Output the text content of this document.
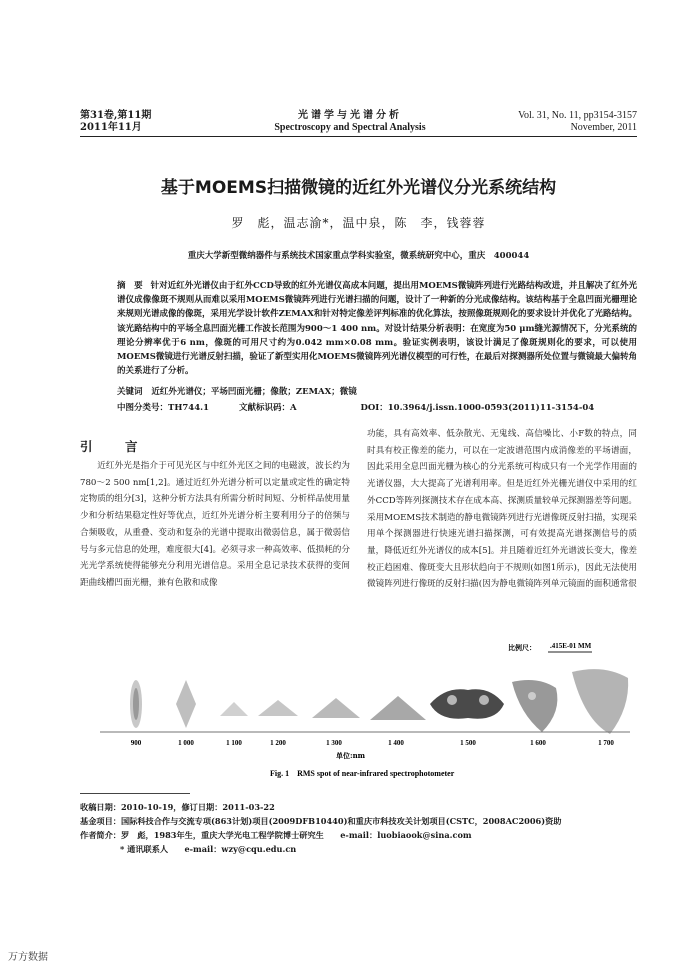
第31卷,第11期
2011年11月
光谱学与光谱分析
Spectroscopy and Spectral Analysis
Vol. 31, No. 11, pp3154-3157
November, 2011
基于MOEMS扫描微镜的近红外光谱仪分光系统结构
罗　彪，温志渝*，温中泉，陈　李，钱蓉蓉
重庆大学新型微纳器件与系统技术国家重点学科实验室，微系统研究中心，重庆　400044
摘　要 针对近红外光谱仪由于红外CCD导致的红外光谱仪高成本问题，提出用MOEMS微镜阵列进行光路结构改进，并且解决了红外光谱仪成像像斑不规则从而难以采用MOEMS微镜阵列进行光谱扫描的问题，设计了一种新的分光成像结构。该结构基于全息凹面光栅理论来规则光谱成像的像斑，采用光学设计软件ZEMAX和针对特定像差评判标准的优化算法，按照像斑规则化的要求设计并优化了光路结构。该光路结构中的平场全息凹面光栅工作波长范围为900～1 400 nm。对设计结果分析表明：在宽度为50 μm缝光源情况下，分光系统的理论分辨率优于6 nm，像斑的可用尺寸约为0.042 mm×0.08 mm。验证实例表明，该设计满足了像斑规则化的要求，可以使用MOEMS微镜进行光谱反射扫描，验证了新型实用化MOEMS微镜阵列光谱仪模型的可行性，在最后对探测器所处位置与微镜最大偏转角的关系进行了分析。
关键词 近红外光谱仪；平场凹面光栅；像散；ZEMAX；微镜
中图分类号：TH744.1	文献标识码：A	DOI：10.3964/j.issn.1000-0593(2011)11-3154-04
引　言

近红外光是指介于可见光区与中红外光区之间的电磁波，波长约为780～2 500 nm[1,2]。通过近红外光谱分析可以定量或定性的确定特定物质的组分[3]，这种分析方法具有所需分析时间短、分析样品使用量少和分析结果稳定性好等优点，近红外光谱分析主要利用分子的倍频与合频吸收，从重叠、变动和复杂的光谱中提取出微弱信息，属于微弱信号与多元信息的处理，难度很大[4]。必须寻求一种高效率、低损耗的分光光学系统使得能够充分利用光谱信息。采用全息记录技术获得的变间距曲线槽凹面光栅，兼有色散和成像

功能，具有高效率、低杂散光、无鬼线、高信噪比、小F数的特点，同时具有校正像差的能力，可以在一定波谱范围内成消像差的平场谱面，因此采用全息凹面光栅为核心的分光系统可构成只有一个光学作用面的光谱仪器，大大提高了光谱利用率。但是近红外光栅光谱仪中采用的红外CCD等阵列探测技术存在成本高、探测质量较单元探测器差等问题。采用MOEMS技术制造的静电微镜阵列进行光谱像斑反射扫描，实现采用单个探测器进行快速光谱扫描探测，可有效提高光谱探测信号的质量，降低近红外光谱仪的成本[5]。并且随着近红外光谱波长变大，像差校正趋困难、像斑变大且形状趋向于不规则(如图1所示)，因此无法使用微镜阵列进行像斑的反射扫描(因为静电微镜阵列单元镜面的面积通常很

比例尺： .415E-01 MM
900	1 000	1 100	1 200	1 300	1 400	1 500	1 600	1 700
单位:nm
Fig. 1　RMS spot of near-infrared spectrophotometer
收稿日期：2010-10-19，修订日期：2011-03-22
基金项目：国际科技合作与交流专项(863计划)项目(2009DFB10440)和重庆市科技攻关计划项目(CSTC，2008AC2006)资助
作者简介：罗　彪，1983年生，重庆大学光电工程学院博士研究生　　e-mail：luobiaook@sina.com
* 通讯联系人　　e-mail：wzy@cqu.edu.cn
万方数据
